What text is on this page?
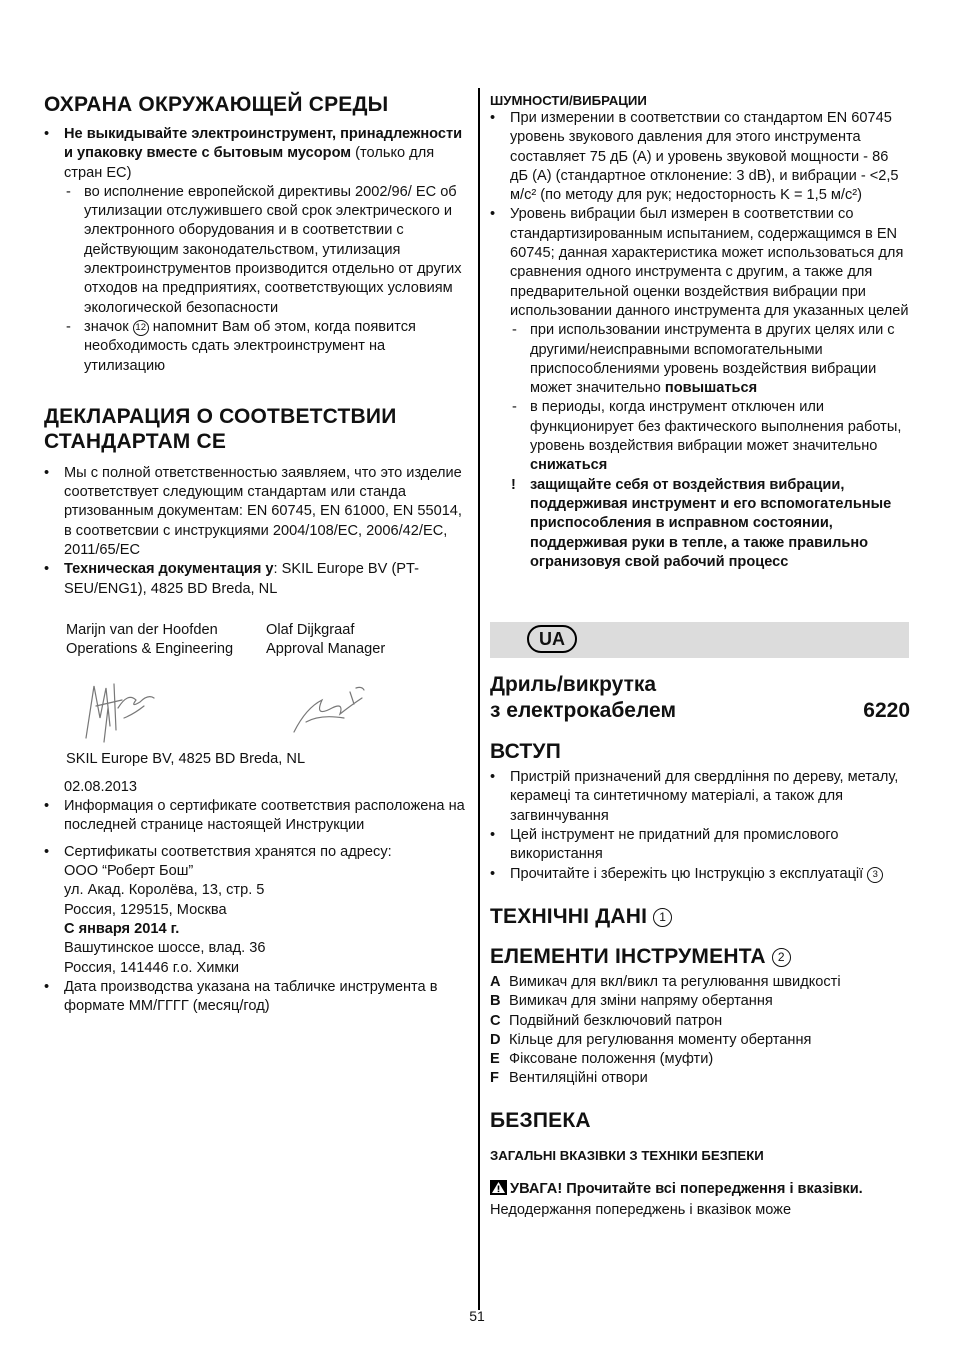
ОХРАНА ОКРУЖАЮЩЕЙ СРЕДЫ
• Не выкидывайте электроинструмент, принадлежности и упаковку вместе с бытовым мусором (только для стран ЕС)
- во исполнение европейской директивы 2002/96/ ЕС об утилизации отслужившего свой срок электрического и электронного оборудования и в соответствии с действующим законодательством, утилизация электроинструментов производится отдельно от других отходов на предприятиях, соответствующих условиям экологической безопасности
- значок 12 напомнит Вам об этом, когда появится необходимость сдать электроинструмент на утилизацию
ДЕКЛАРАЦИЯ О СООТВЕТСТВИИ
СТАНДАРТАМ CE
• Мы с полной ответственностью заявляем, что это изделие соответствует следующим стандартам или станда ртизованным документам: EN 60745, EN 61000, EN 55014, в соответсвии с инструкциями 2004/108/EC, 2006/42/EC, 2011/65/EC
• Техническая документация у: SKIL Europe BV (PT-SEU/ENG1), 4825 BD Breda, NL
Marijn van der Hoofden
Operations & Engineering
Olaf Dijkgraaf
Approval Manager
SKIL Europe BV, 4825 BD Breda, NL
02.08.2013
• Информация о сертификате соответствия расположена на последней странице настоящей Инструкции
• Сертификаты соответствия хранятся по адресу:
ООО “Роберт Бош”
ул. Акад. Королёва, 13, стр. 5
Россия, 129515, Москва
С января 2014 г.
Вашутинское шоссе, влад. 36
Россия, 141446 г.о. Химки
• Дата производства указана на табличке инструмента в формате ММ/ГГГГ (месяц/год)
ШУМНОСТИ/ВИБРАЦИИ
• При измерении в соответствии со стандартом EN 60745 уровень звукового давления для этого инструмента составляет 75 дБ (A) и уровень звуковой мощности - 86 дБ (A) (стандартное отклонение: 3 dB), и вибрации - <2,5 м/с² (по методу для рук; недосторность K = 1,5 м/с²)
• Уровень вибрации был измерен в соответствии со стандартизированным испытанием, содержащимся в EN 60745; данная характеристика может использоваться для сравнения одного инструмента с другим, а также для предварительной оценки воздействия вибрации при использовании данного инструмента для указанных целей
- при использовании инструмента в других целях или с другими/неисправными вспомогательными приспособлениями уровень воздействия вибрации может значительно повышаться
- в периоды, когда инструмент отключен или функционирует без фактического выполнения работы, уровень воздействия вибрации может значительно снижаться
! защищайте себя от воздействия вибрации, поддерживая инструмент и его вспомогательные приспособления в исправном состоянии, поддерживая руки в тепле, а также правильно огранизовуя свой рабочий процесс
UA
Дриль/викрутка
з електрокабелем	6220
ВСТУП
• Пристрій призначений для свердління по дереву, металу, керамеці та синтетичному матеріалі, а також для загвинчування
• Цей інструмент не придатний для промислового використання
• Прочитайте і збережіть цю Інструкцію з експлуатації 3
ТЕХНІЧНІ ДАНІ 1
ЕЛЕМЕНТИ ІНСТРУМЕНТА 2
A Вимикач для вкл/викл та регулювання швидкості
B Вимикач для зміни напряму обертання
C Подвійний безключовий патрон
D Кільце для регулювання моменту обертання
E Фіксоване положення (муфти)
F Вентиляційні отвори
БЕЗПЕКА
ЗАГАЛЬНІ ВКАЗІВКИ З ТЕХНІКИ БЕЗПЕКИ
УВАГА! Прочитайте всі попередження і вказівки.
Недодержання попереджень і вказівок може
51
